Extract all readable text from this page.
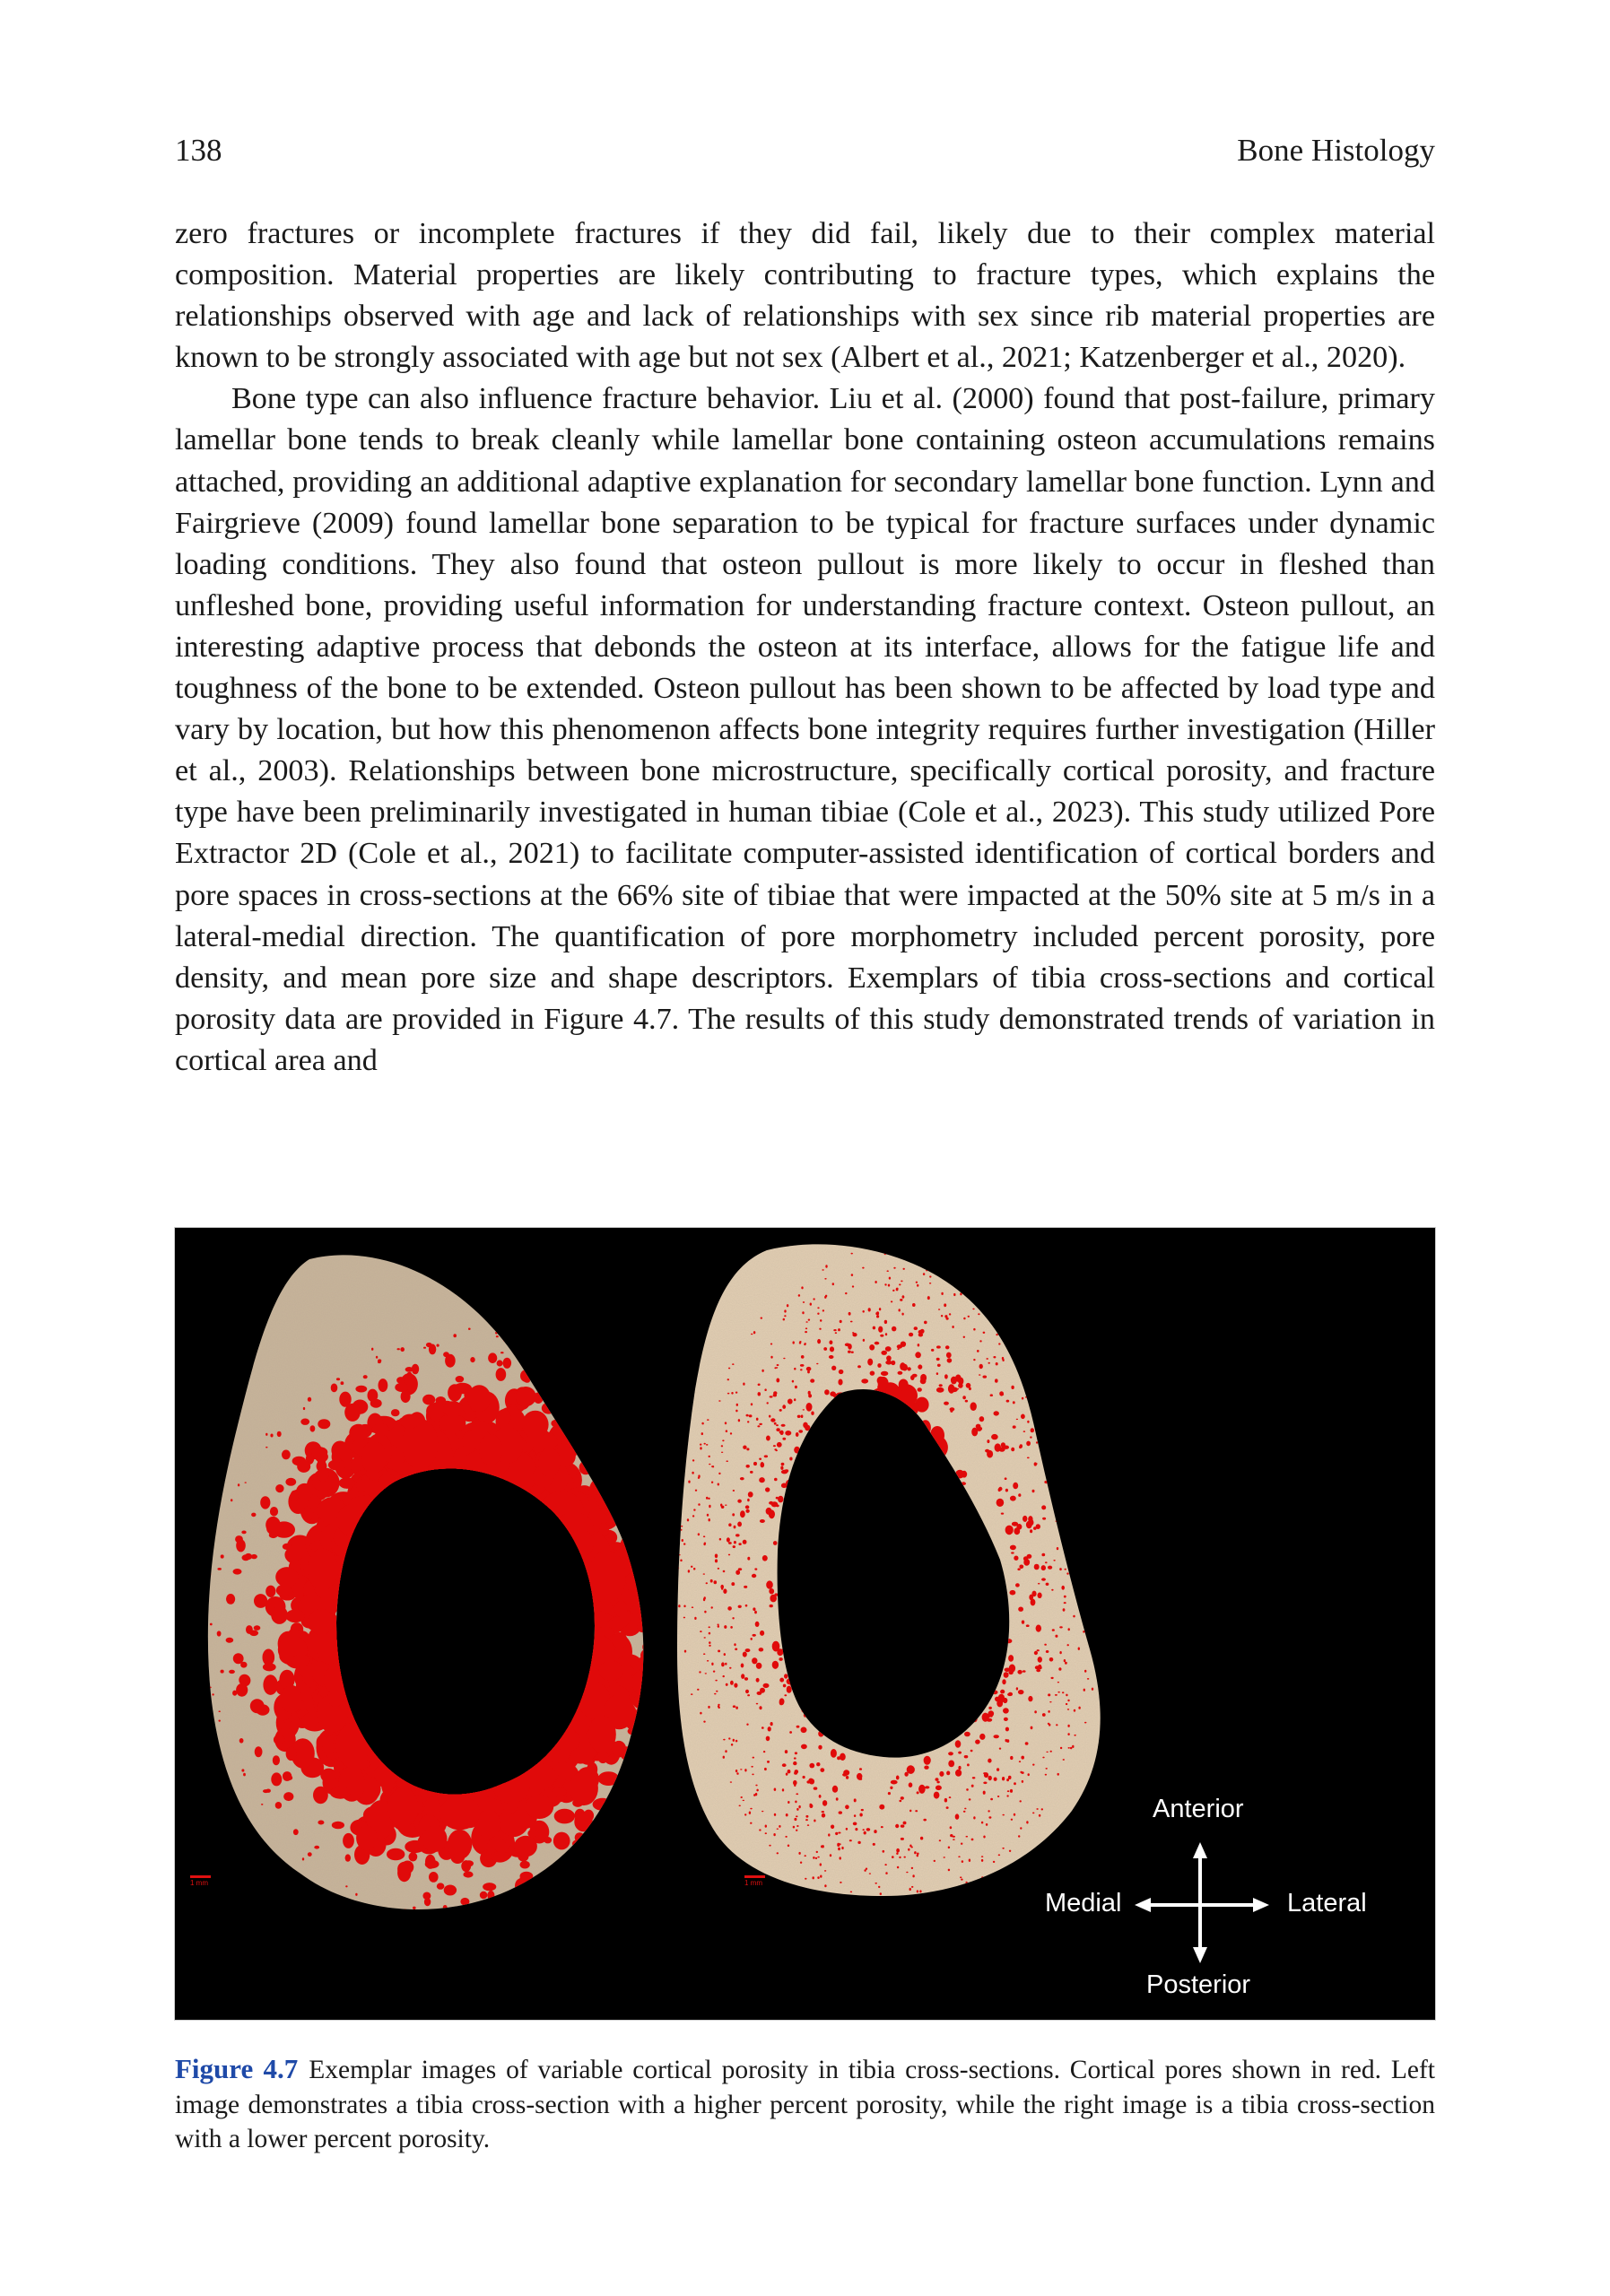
138	Bone Histology

zero fractures or incomplete fractures if they did fail, likely due to their complex material composition. Material properties are likely contributing to fracture types, which explains the relationships observed with age and lack of relationships with sex since rib material properties are known to be strongly associated with age but not sex (Albert et al., 2021; Katzenberger et al., 2020).

Bone type can also influence fracture behavior. Liu et al. (2000) found that post-failure, primary lamellar bone tends to break cleanly while lamellar bone containing osteon accumulations remains attached, providing an additional adaptive explanation for secondary lamellar bone function. Lynn and Fairgrieve (2009) found lamellar bone separation to be typical for fracture surfaces under dynamic loading conditions. They also found that osteon pullout is more likely to occur in fleshed than unfleshed bone, providing useful information for understanding fracture context. Osteon pullout, an interesting adaptive process that debonds the osteon at its interface, allows for the fatigue life and toughness of the bone to be extended. Osteon pullout has been shown to be affected by load type and vary by location, but how this phenomenon affects bone integrity requires further investigation (Hiller et al., 2003). Relationships between bone microstructure, specifically cortical porosity, and fracture type have been preliminarily investigated in human tibiae (Cole et al., 2023). This study utilized Pore Extractor 2D (Cole et al., 2021) to facilitate computer-assisted identification of cortical borders and pore spaces in cross-sections at the 66% site of tibiae that were impacted at the 50% site at 5 m/s in a lateral-medial direction. The quantification of pore morphometry included percent porosity, pore density, and mean pore size and shape descriptors. Exemplars of tibia cross-sections and cortical porosity data are provided in Figure 4.7. The results of this study demonstrated trends of variation in cortical area and

1 mm	1 mm
Anterior
Medial	Lateral
Posterior
Figure 4.7 Exemplar images of variable cortical porosity in tibia cross-sections. Cortical pores shown in red. Left image demonstrates a tibia cross-section with a higher percent porosity, while the right image is a tibia cross-section with a lower percent porosity.
